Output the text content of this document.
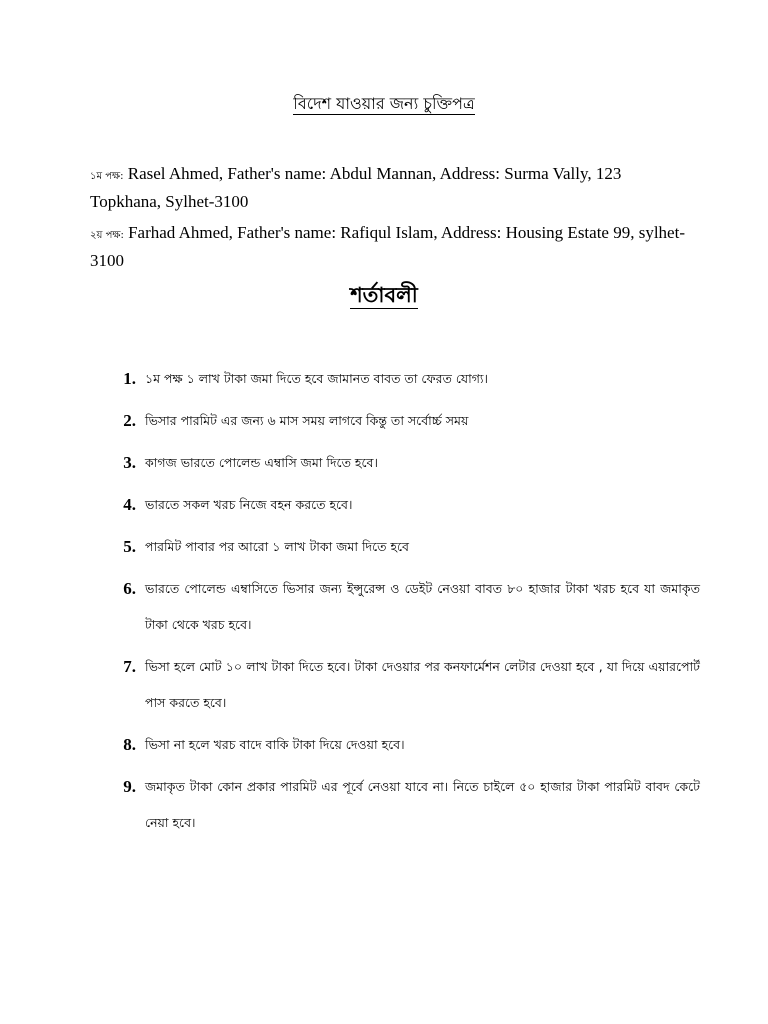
বিদেশ যাওয়ার জন্য চুক্তিপত্র
১ম পক্ষ: Rasel Ahmed, Father's name: Abdul Mannan, Address: Surma Vally, 123 Topkhana, Sylhet-3100
২য় পক্ষ: Farhad Ahmed, Father's name: Rafiqul Islam, Address: Housing Estate 99, sylhet-3100
শর্তাবলী
1. ১ম পক্ষ ১ লাখ টাকা জমা দিতে হবে জামানত বাবত তা ফেরত যোগ্য।
2. ভিসার পারমিট এর জন্য ৬ মাস সময় লাগবে কিন্তু তা সর্বোর্চ্চ সময়
3. কাগজ ভারতে পোলেন্ড এম্বাসি জমা দিতে হবে।
4. ভারতে সকল খরচ নিজে বহন করতে হবে।
5. পারমিট পাবার পর আরো ১ লাখ টাকা জমা দিতে হবে
6. ভারতে পোলেন্ড এম্বাসিতে ভিসার জন্য ইন্সুরেন্স ও ডেইট নেওয়া বাবত ৮০ হাজার টাকা খরচ হবে যা জমাকৃত টাকা থেকে খরচ হবে।
7. ভিসা হলে মোট ১০ লাখ টাকা দিতে হবে। টাকা দেওয়ার পর কনফার্মেশন লেটার দেওয়া হবে , যা দিয়ে এয়ারপোর্ট পাস করতে হবে।
8. ভিসা না হলে খরচ বাদে বাকি টাকা দিয়ে দেওয়া হবে।
9. জমাকৃত টাকা কোন প্রকার পারমিট এর পূর্বে নেওয়া যাবে না। নিতে চাইলে ৫০ হাজার টাকা পারমিট বাবদ কেটে নেয়া হবে।
